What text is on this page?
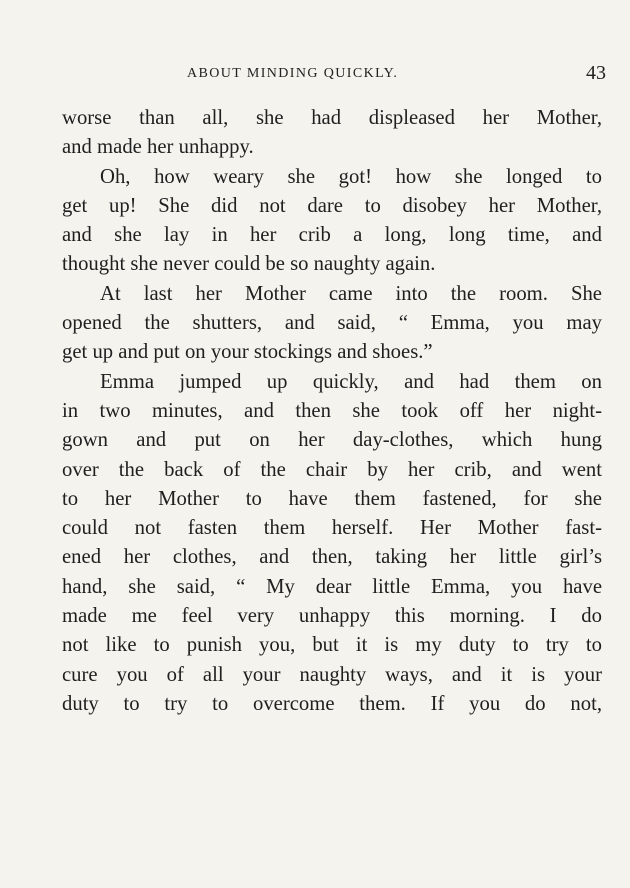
ABOUT MINDING QUICKLY.	43
worse than all, she had displeased her Mother,
and made her unhappy.
Oh, how weary she got! how she longed to
get up! She did not dare to disobey her Mother,
and she lay in her crib a long, long time, and
thought she never could be so naughty again.
At last her Mother came into the room. She
opened the shutters, and said, “ Emma, you may
get up and put on your stockings and shoes.”
Emma jumped up quickly, and had them on
in two minutes, and then she took off her night-
gown and put on her day-clothes, which hung
over the back of the chair by her crib, and went
to her Mother to have them fastened, for she
could not fasten them herself. Her Mother fast-
ened her clothes, and then, taking her little girl’s
hand, she said, “ My dear little Emma, you have
made me feel very unhappy this morning. I do
not like to punish you, but it is my duty to try to
cure you of all your naughty ways, and it is your
duty to try to overcome them. If you do not,
